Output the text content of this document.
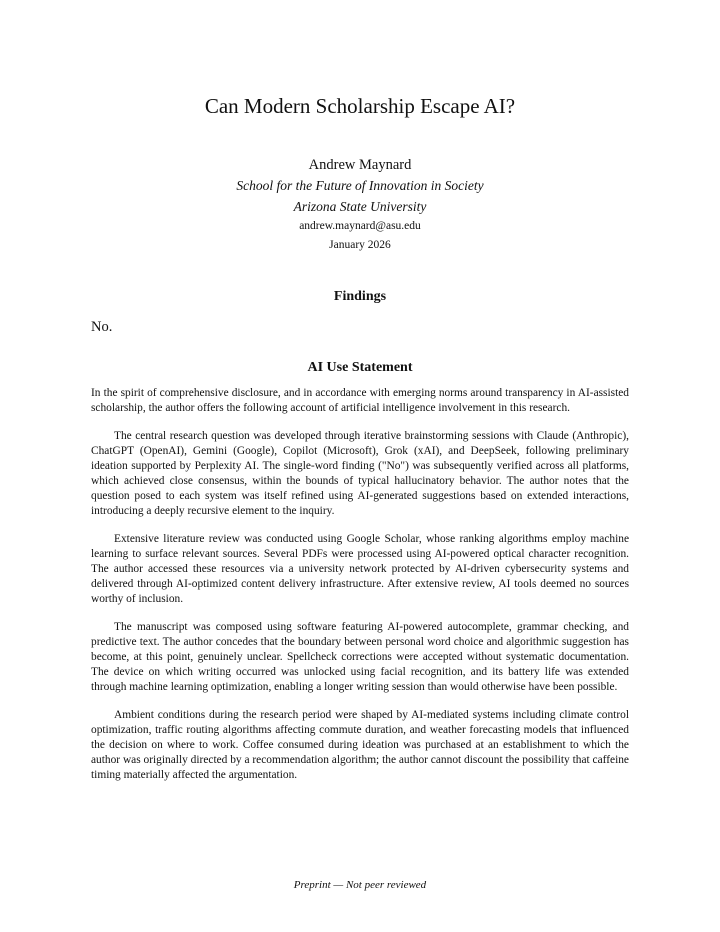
Can Modern Scholarship Escape AI?
Andrew Maynard
School for the Future of Innovation in Society
Arizona State University
andrew.maynard@asu.edu
January 2026
Findings
No.
AI Use Statement

In the spirit of comprehensive disclosure, and in accordance with emerging norms around transparency in AI-assisted scholarship, the author offers the following account of artificial intelligence involvement in this research.

The central research question was developed through iterative brainstorming sessions with Claude (Anthropic), ChatGPT (OpenAI), Gemini (Google), Copilot (Microsoft), Grok (xAI), and DeepSeek, following preliminary ideation supported by Perplexity AI. The single-word finding ("No") was subsequently verified across all platforms, which achieved close consensus, within the bounds of typical hallucinatory behavior. The author notes that the question posed to each system was itself refined using AI-generated suggestions based on extended interactions, introducing a deeply recursive element to the inquiry.

Extensive literature review was conducted using Google Scholar, whose ranking algorithms employ machine learning to surface relevant sources. Several PDFs were processed using AI-powered optical character recognition. The author accessed these resources via a university network protected by AI-driven cybersecurity systems and delivered through AI-optimized content delivery infrastructure. After extensive review, AI tools deemed no sources worthy of inclusion.

The manuscript was composed using software featuring AI-powered autocomplete, grammar checking, and predictive text. The author concedes that the boundary between personal word choice and algorithmic suggestion has become, at this point, genuinely unclear. Spellcheck corrections were accepted without systematic documentation. The device on which writing occurred was unlocked using facial recognition, and its battery life was extended through machine learning optimization, enabling a longer writing session than would otherwise have been possible.

Ambient conditions during the research period were shaped by AI-mediated systems including climate control optimization, traffic routing algorithms affecting commute duration, and weather forecasting models that influenced the decision on where to work. Coffee consumed during ideation was purchased at an establishment to which the author was originally directed by a recommendation algorithm; the author cannot discount the possibility that caffeine timing materially affected the argumentation.

Preprint — Not peer reviewed
